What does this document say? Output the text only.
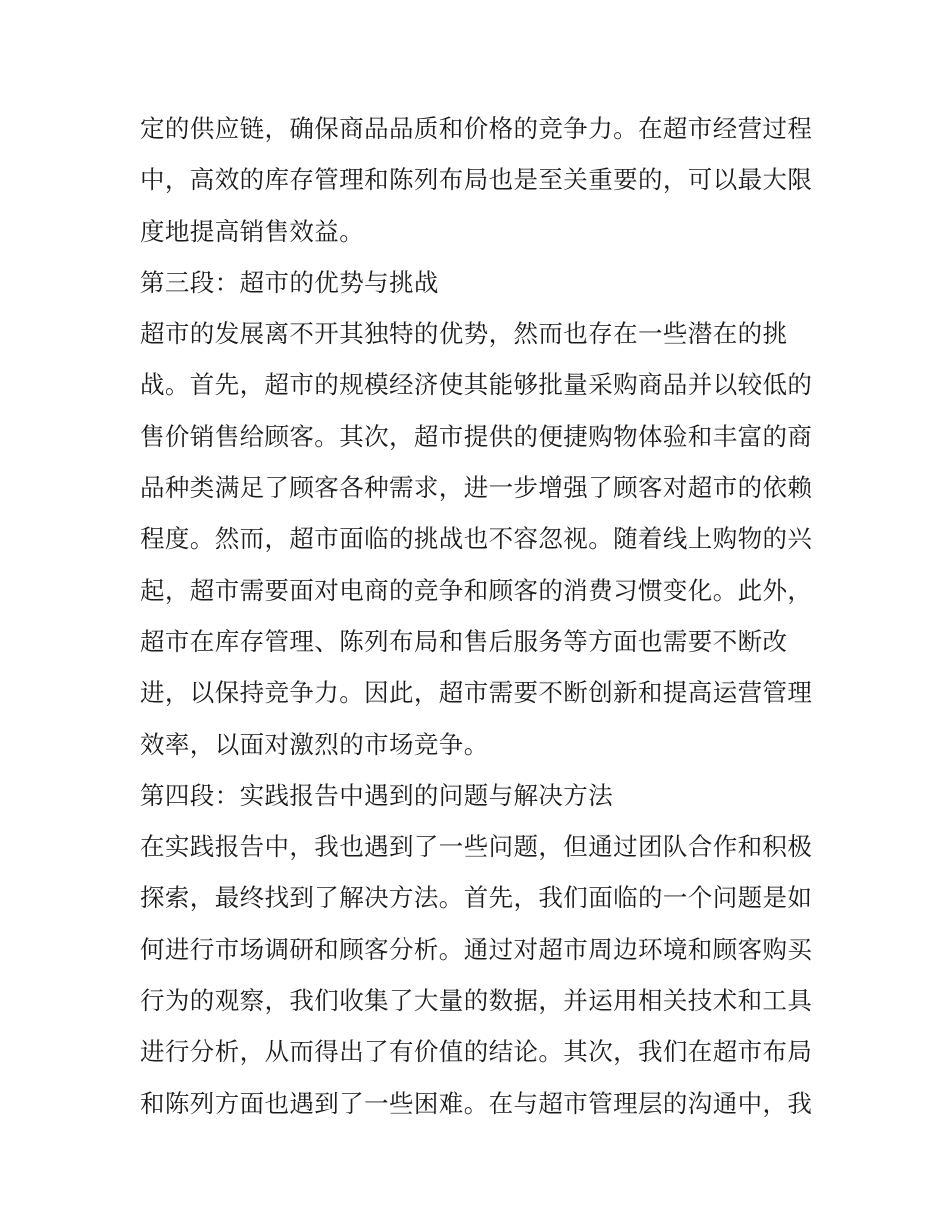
定的供应链，确保商品品质和价格的竞争力。在超市经营过程
中，高效的库存管理和陈列布局也是至关重要的，可以最大限
度地提高销售效益。
第三段：超市的优势与挑战
超市的发展离不开其独特的优势，然而也存在一些潜在的挑
战。首先，超市的规模经济使其能够批量采购商品并以较低的
售价销售给顾客。其次，超市提供的便捷购物体验和丰富的商
品种类满足了顾客各种需求，进一步增强了顾客对超市的依赖
程度。然而，超市面临的挑战也不容忽视。随着线上购物的兴
起，超市需要面对电商的竞争和顾客的消费习惯变化。此外，
超市在库存管理、陈列布局和售后服务等方面也需要不断改
进，以保持竞争力。因此，超市需要不断创新和提高运营管理
效率，以面对激烈的市场竞争。
第四段：实践报告中遇到的问题与解决方法
在实践报告中，我也遇到了一些问题，但通过团队合作和积极
探索，最终找到了解决方法。首先，我们面临的一个问题是如
何进行市场调研和顾客分析。通过对超市周边环境和顾客购买
行为的观察，我们收集了大量的数据，并运用相关技术和工具
进行分析，从而得出了有价值的结论。其次，我们在超市布局
和陈列方面也遇到了一些困难。在与超市管理层的沟通中，我
